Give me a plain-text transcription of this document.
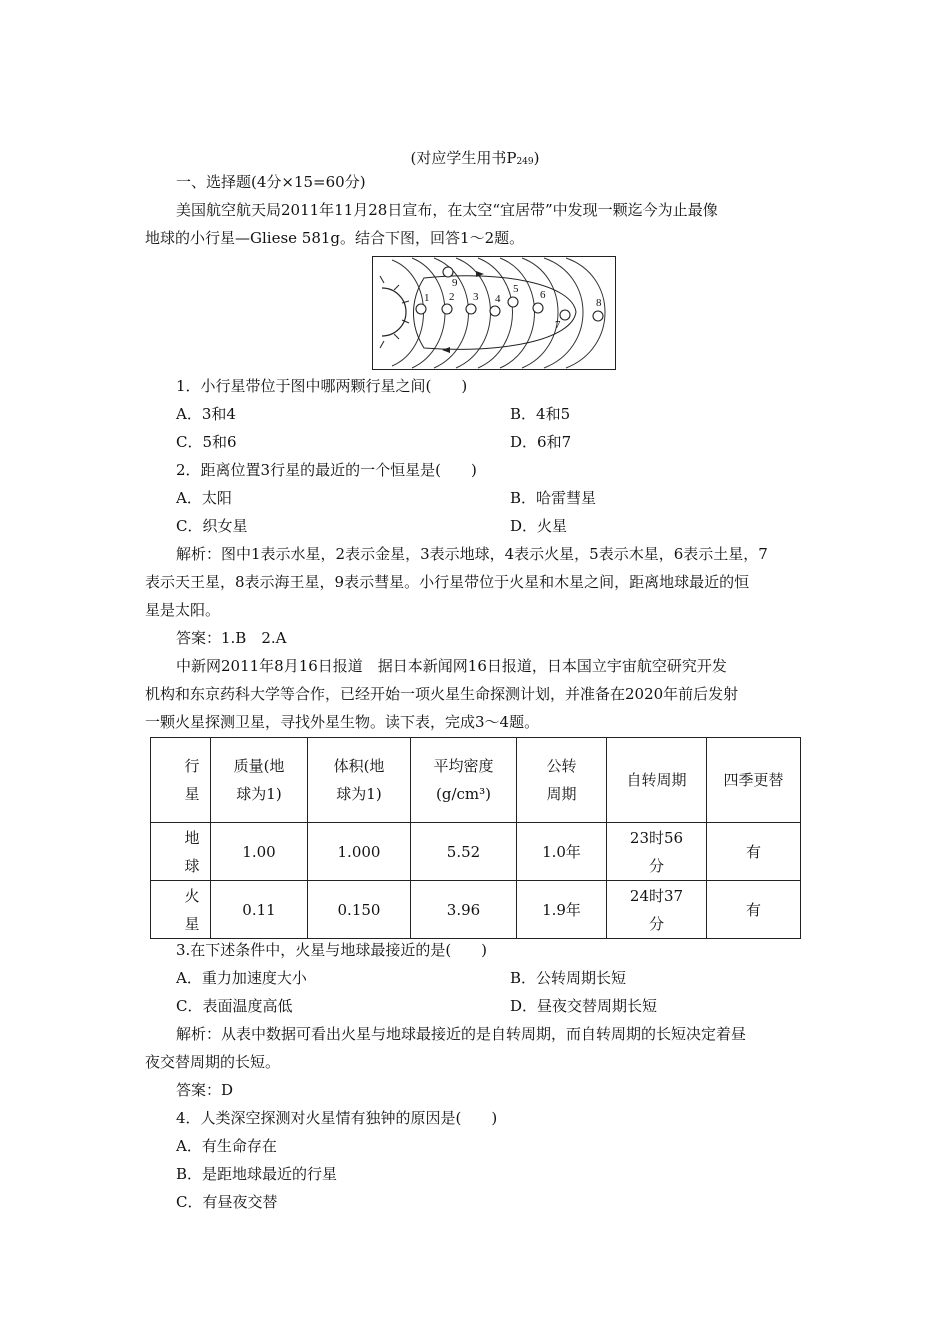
(对应学生用书$P_{249}$)
一、选择题(4分×15=60分)
美国航空航天局2011年11月28日宣布，在太空“宜居带”中发现一颗迄今为止最像
地球的小行星—Gliese 581g。结合下图，回答1～2题。
1 2 3 4
5 6
7
8
9
1．小行星带位于图中哪两颗行星之间(　　)
A．3和4	B．4和5
C．5和6	D．6和7
2．距离位置3行星的最近的一个恒星是(　　)
A．太阳	B．哈雷彗星
C．织女星	D．火星
解析：图中1表示水星，2表示金星，3表示地球，4表示火星，5表示木星，6表示土星，7
表示天王星，8表示海王星，9表示彗星。小行星带位于火星和木星之间，距离地球最近的恒
星是太阳。
答案：1.B　2.A
中新网2011年8月16日报道　据日本新闻网16日报道，日本国立宇宙航空研究开发
机构和东京药科大学等合作，已经开始一项火星生命探测计划，并准备在2020年前后发射
一颗火星探测卫星，寻找外星生物。读下表，完成3～4题。
行星	质量(地球为1)	体积(地球为1)	平均密度(g/cm³)	公转周期	自转周期	四季更替

地球	1.00	1.000	5.52	1.0年	23时56分	有

火星	0.11	0.150	3.96	1.9年	24时37分	有
3.在下述条件中，火星与地球最接近的是(　　)
A．重力加速度大小	B．公转周期长短
C．表面温度高低	D．昼夜交替周期长短
解析：从表中数据可看出火星与地球最接近的是自转周期，而自转周期的长短决定着昼
夜交替周期的长短。
答案：D
4．人类深空探测对火星情有独钟的原因是(　　)
A．有生命存在
B．是距地球最近的行星
C．有昼夜交替
